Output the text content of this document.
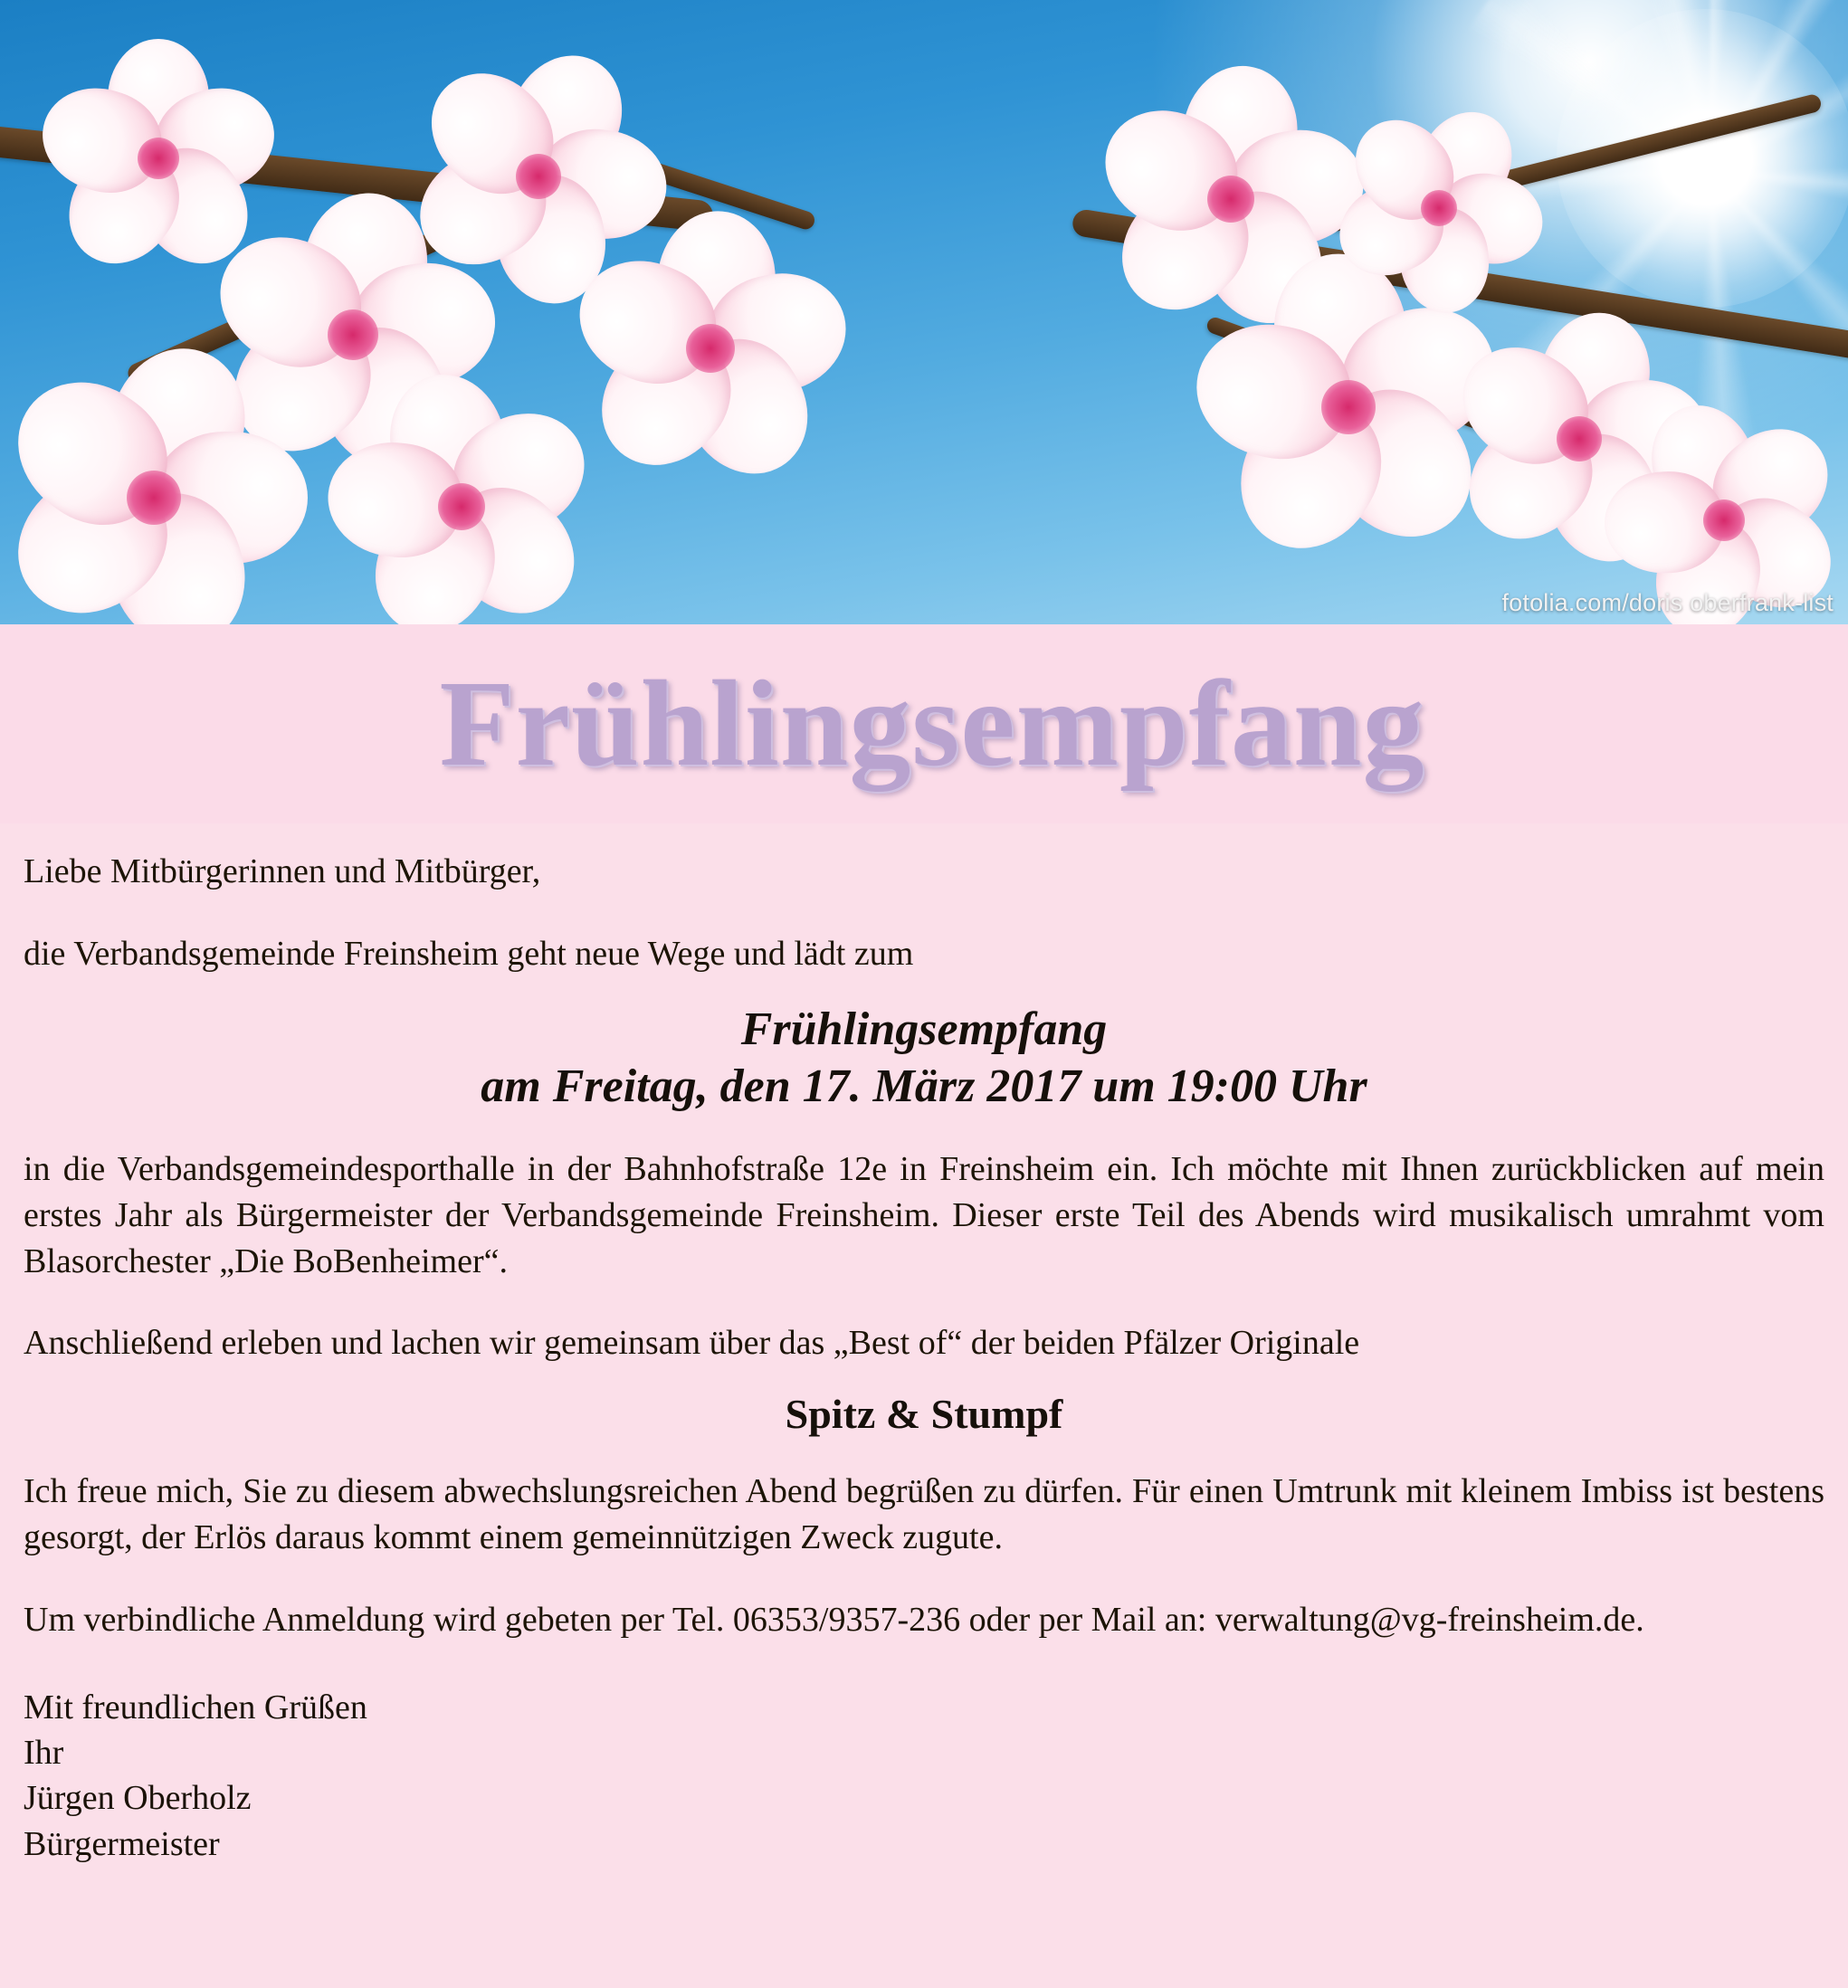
fotolia.com/doris oberfrank-list
Frühlingsempfang

Liebe Mitbürgerinnen und Mitbürger,

die Verbandsgemeinde Freinsheim geht neue Wege und lädt zum

Frühlingsempfang
am Freitag, den 17. März 2017 um 19:00 Uhr

in die Verbandsgemeindesporthalle in der Bahnhofstraße 12e in Freinsheim ein. Ich möchte mit Ihnen zurückblicken auf mein erstes Jahr als Bürgermeister der Verbandsgemeinde Freinsheim. Dieser erste Teil des Abends wird musikalisch umrahmt vom Blasorchester „Die BoBenheimer“.

Anschließend erleben und lachen wir gemeinsam über das „Best of“ der beiden Pfälzer Originale

Spitz & Stumpf

Ich freue mich, Sie zu diesem abwechslungsreichen Abend begrüßen zu dürfen. Für einen Umtrunk mit kleinem Imbiss ist bestens gesorgt, der Erlös daraus kommt einem gemeinnützigen Zweck zugute.

Um verbindliche Anmeldung wird gebeten per Tel. 06353/9357-236 oder per Mail an: verwaltung@vg-freinsheim.de.

Mit freundlichen Grüßen
Ihr
Jürgen Oberholz
Bürgermeister
